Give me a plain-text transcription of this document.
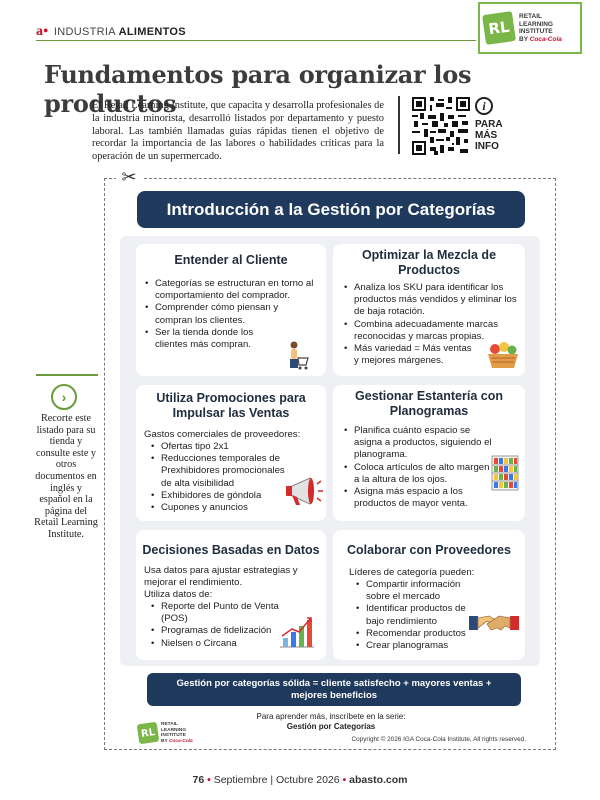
a• INDUSTRIA ALIMENTOS	RL
RETAIL
LEARNING
INSTITUTE
BY Coca-Cola
Fundamentos para organizar los productos

El Retail Learning Institute, que capacita y desarrolla profesionales de la industria minorista, desarrolló listados por departamento y puesto laboral. Las también llamadas guías rápidas tienen el objetivo de recordar la importancia de las labores o habilidades críticas para la operación de un supermercado.

i
PARA
MÁS
INFO
›

Recorte este listado para su tienda y consulte este y otros documentos en inglés y español en la página del Retail Learning Institute.

✂
Introducción a la Gestión por Categorías
Entender al Cliente
• Categorías se estructuran en torno al comportamiento del comprador.
• Comprender cómo piensan y compran los clientes.
• Ser la tienda donde los clientes más compran.
Optimizar la Mezcla de Productos
• Analiza los SKU para identificar los productos más vendidos y eliminar los de baja rotación.
• Combina adecuadamente marcas reconocidas y marcas propias.
• Más variedad = Más ventas y mejores márgenes.
Utiliza Promociones para Impulsar las Ventas
Gastos comerciales de proveedores:
• Ofertas tipo 2x1
• Reducciones temporales de Prexhibidores promocionales de alta visibilidad
• Exhibidores de góndola
• Cupones y anuncios
Gestionar Estantería con Planogramas
• Planifica cuánto espacio se asigna a productos, siguiendo el planograma.
• Coloca artículos de alto margen a la altura de los ojos.
• Asigna más espacio a los productos de mayor venta.
Decisiones Basadas en Datos
Usa datos para ajustar estrategias y mejorar el rendimiento.
Utiliza datos de:
• Reporte del Punto de Venta (POS)
• Programas de fidelización
• Nielsen o Circana
Colaborar con Proveedores
Líderes de categoría pueden:
• Compartir información sobre el mercado
• Identificar productos de bajo rendimiento
• Recomendar productos
• Crear planogramas
Gestión por categorías sólida = cliente satisfecho + mayores ventas + mejores beneficios
Para aprender más, inscríbete en la serie:
Gestión por Categorías
RL
RETAIL
LEARNING
INSTITUTE
BY Coca-Cola	Copyright © 2026 IGA Coca-Cola Institute, All rights reserved.
76 • Septiembre | Octubre 2026 • abasto.com
